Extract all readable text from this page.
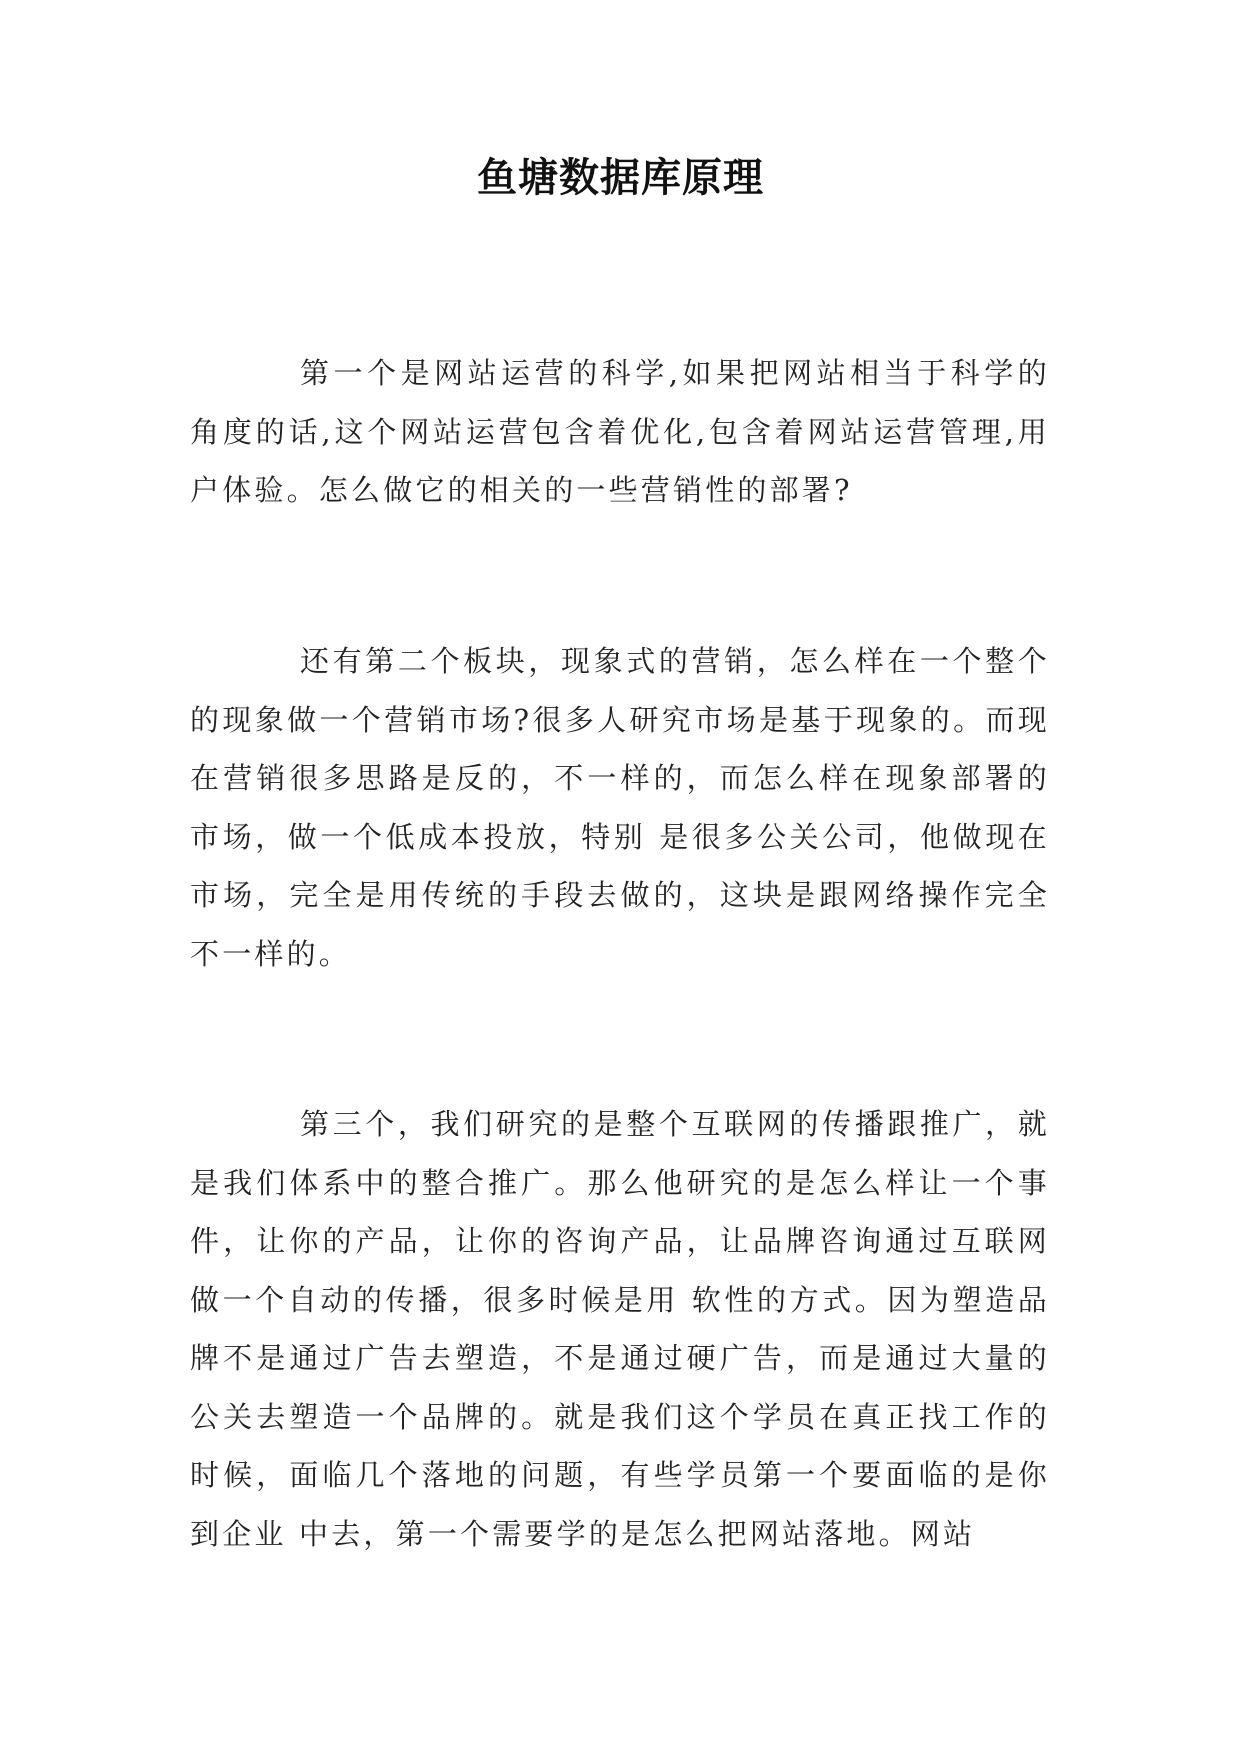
鱼塘数据库原理

第一个是网站运营的科学,如果把网站相当于科学的角度的话,这个网站运营包含着优化,包含着网站运营管理,用户体验。怎么做它的相关的一些营销性的部署?

还有第二个板块，现象式的营销，怎么样在一个整个的现象做一个营销市场?很多人研究市场是基于现象的。而现在营销很多思路是反的，不一样的，而怎么样在现象部署的市场，做一个低成本投放，特别 是很多公关公司，他做现在市场，完全是用传统的手段去做的，这块是跟网络操作完全不一样的。

第三个，我们研究的是整个互联网的传播跟推广，就是我们体系中的整合推广。那么他研究的是怎么样让一个事件，让你的产品，让你的咨询产品，让品牌咨询通过互联网做一个自动的传播，很多时候是用 软性的方式。因为塑造品牌不是通过广告去塑造，不是通过硬广告，而是通过大量的公关去塑造一个品牌的。就是我们这个学员在真正找工作的时候，面临几个落地的问题，有些学员第一个要面临的是你到企业 中去，第一个需要学的是怎么把网站落地。网站
